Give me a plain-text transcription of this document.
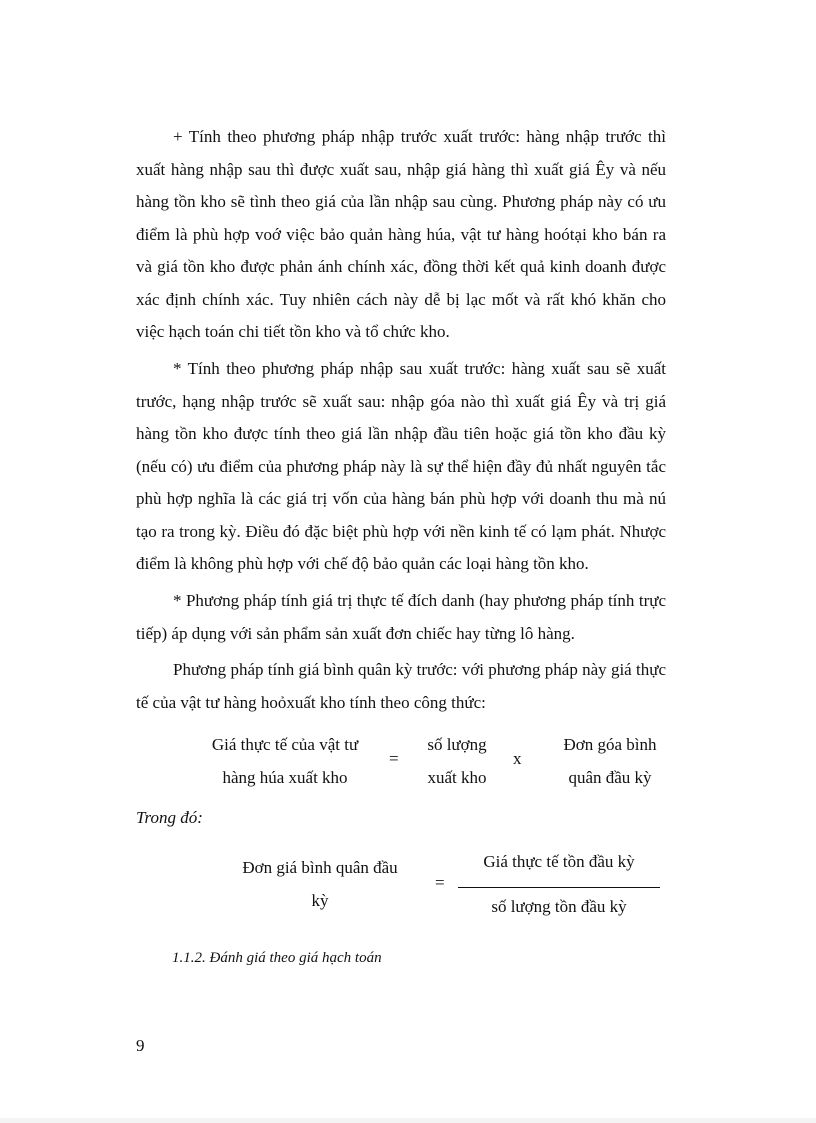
+ Tính theo phương pháp nhập trước xuất trước: hàng nhập trước thì xuất hàng nhập sau thì được xuất sau, nhập giá hàng thì xuất giá Êy và nếu hàng tồn kho sẽ tình theo giá của lần nhập sau cùng. Phương pháp này có ưu điểm là phù hợp voớ việc bảo quản hàng húa, vật tư hàng hoótại kho bán ra và giá tồn kho được phản ánh chính xác, đồng thời kết quả kinh doanh được xác định chính xác. Tuy nhiên cách này dễ bị lạc mốt và rất khó khăn cho việc hạch toán chi tiết tồn kho và tổ chức kho.

* Tính theo phương pháp nhập sau xuất trước: hàng xuất sau sẽ xuất trước, hạng nhập trước sẽ xuất sau: nhập góa nào thì xuất giá Êy và trị giá hàng tồn kho được tính theo giá lần nhập đầu tiên hoặc giá tồn kho đầu kỳ (nếu có) ưu điểm của phương pháp này là sự thể hiện đầy đủ nhất nguyên tắc phù hợp nghĩa là các giá trị vốn của hàng bán phù hợp với doanh thu mà nú tạo ra trong kỳ. Điều đó đặc biệt phù hợp với nền kinh tế có lạm phát. Nhược điểm là không phù hợp với chế độ bảo quản các loại hàng tồn kho.

* Phương pháp tính giá trị thực tế đích danh (hay phương pháp tính trực tiếp) áp dụng với sản phẩm sản xuất đơn chiếc hay từng lô hàng.

Phương pháp tính giá bình quân kỳ trước: với phương pháp này giá thực tế của vật tư hàng hoỏxuất kho tính theo công thức:

Giá thực tế của vật tư
hàng húa xuất kho
=
số lượng
xuất kho
x
Đơn góa bình
quân đầu kỳ
Trong đó:
Đơn giá bình quân đầu
kỳ
=
Giá thực tế tồn đầu kỳ
số lượng tồn đầu kỳ
1.1.2. Đánh giá theo giá hạch toán
9
